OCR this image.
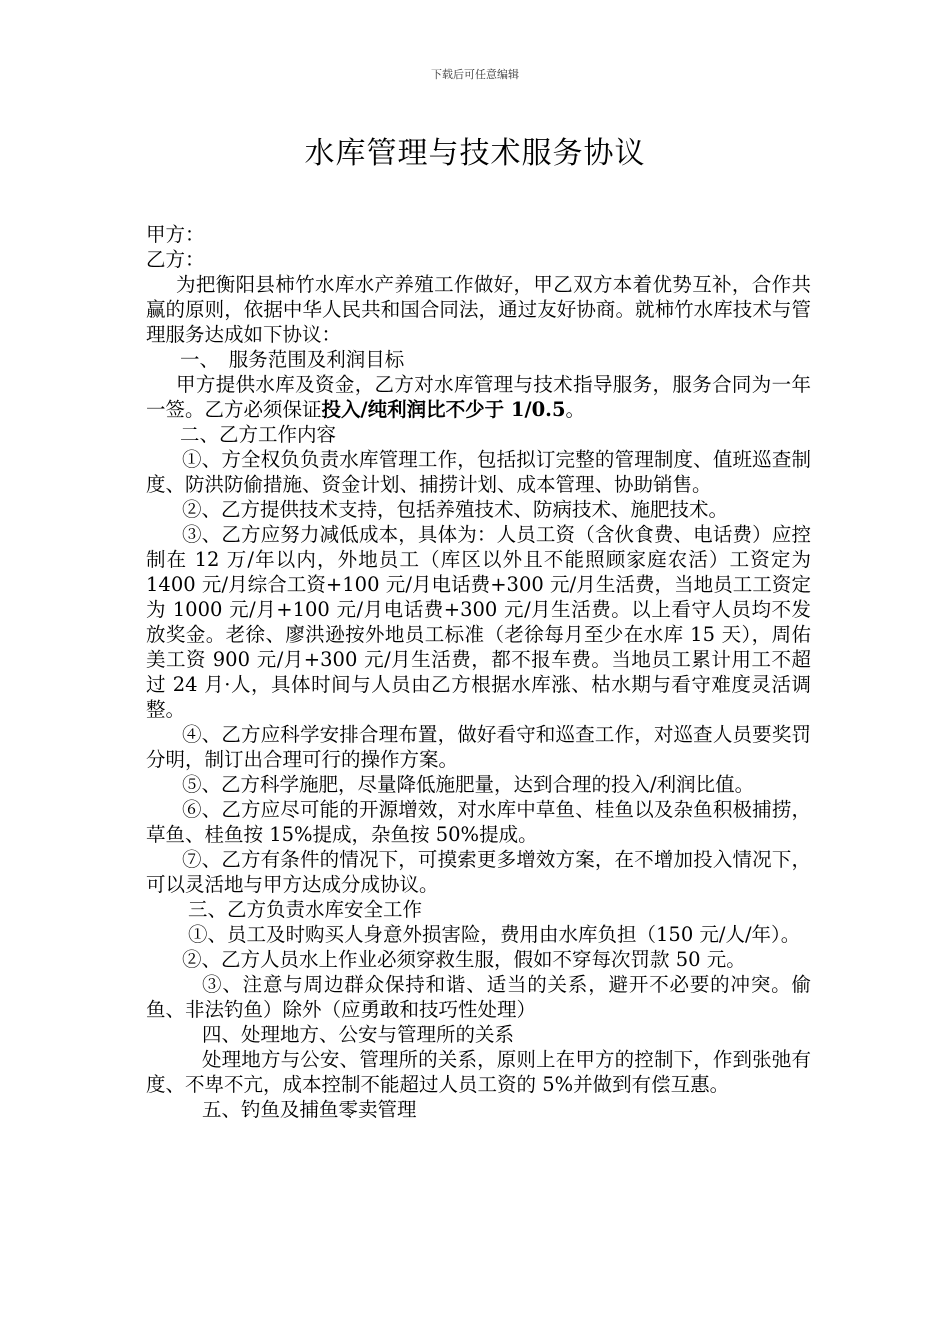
下载后可任意编辑
水库管理与技术服务协议

甲方：

乙方：

为把衡阳县柿竹水库水产养殖工作做好，甲乙双方本着优势互补，合作共赢的原则，依据中华人民共和国合同法，通过友好协商。就柿竹水库技术与管理服务达成如下协议：

一、　服务范围及利润目标

甲方提供水库及资金，乙方对水库管理与技术指导服务，服务合同为一年一签。乙方必须保证投入/纯利润比不少于 1/0.5。

二、乙方工作内容

①、方全权负负责水库管理工作，包括拟订完整的管理制度、值班巡查制度、防洪防偷措施、资金计划、捕捞计划、成本管理、协助销售。

②、乙方提供技术支持，包括养殖技术、防病技术、施肥技术。

③、乙方应努力减低成本，具体为：人员工资（含伙食费、电话费）应控制在 12 万/年以内，外地员工（库区以外且不能照顾家庭农活）工资定为 1400 元/月综合工资+100 元/月电话费+300 元/月生活费，当地员工工资定为 1000 元/月+100 元/月电话费+300 元/月生活费。以上看守人员均不发放奖金。老徐、廖洪逊按外地员工标准（老徐每月至少在水库 15 天），周佑美工资 900 元/月+300 元/月生活费，都不报车费。当地员工累计用工不超过 24 月·人，具体时间与人员由乙方根据水库涨、枯水期与看守难度灵活调整。

④、乙方应科学安排合理布置，做好看守和巡查工作，对巡查人员要奖罚分明，制订出合理可行的操作方案。

⑤、乙方科学施肥，尽量降低施肥量，达到合理的投入/利润比值。

⑥、乙方应尽可能的开源增效，对水库中草鱼、桂鱼以及杂鱼积极捕捞，草鱼、桂鱼按 15%提成，杂鱼按 50%提成。

⑦、乙方有条件的情况下，可摸索更多增效方案，在不增加投入情况下，可以灵活地与甲方达成分成协议。

三、乙方负责水库安全工作

①、员工及时购买人身意外损害险，费用由水库负担（150 元/人/年）。

②、乙方人员水上作业必须穿救生服，假如不穿每次罚款 50 元。

③、注意与周边群众保持和谐、适当的关系，避开不必要的冲突。偷鱼、非法钓鱼）除外（应勇敢和技巧性处理）

四、处理地方、公安与管理所的关系

处理地方与公安、管理所的关系，原则上在甲方的控制下，作到张弛有度、不卑不亢，成本控制不能超过人员工资的 5%并做到有偿互惠。

五、钓鱼及捕鱼零卖管理
